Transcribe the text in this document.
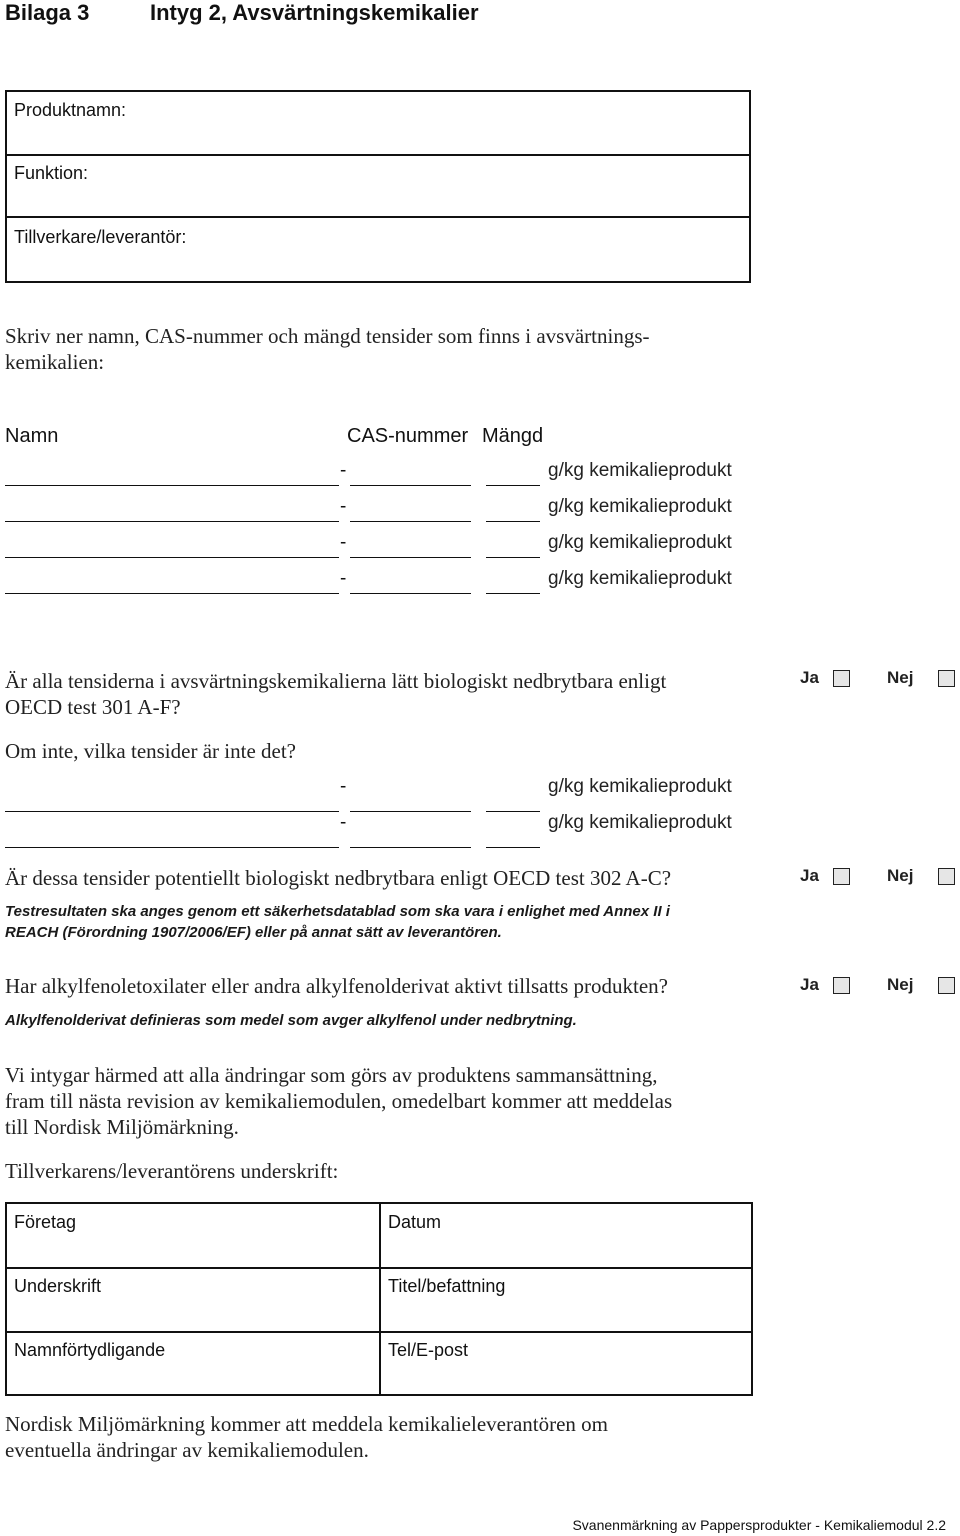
Bilaga 3	Intyg 2, Avsvärtningskemikalier
Produktnamn:
Funktion:
Tillverkare/leverantör:
Skriv ner namn, CAS-nummer och mängd tensider som finns i avsvärtnings-
kemikalien:
Namn	CAS-nummer Mängd
-	g/kg kemikalieprodukt
-	g/kg kemikalieprodukt
-	g/kg kemikalieprodukt
-	g/kg kemikalieprodukt
Är alla tensiderna i avsvärtningskemikalierna lätt biologiskt nedbrytbara enligt
OECD test 301 A-F?
Ja	Nej
Om inte, vilka tensider är inte det?
-	g/kg kemikalieprodukt
-	g/kg kemikalieprodukt
Är dessa tensider potentiellt biologiskt nedbrytbara enligt OECD test 302 A-C?	Ja	Nej
Testresultaten ska anges genom ett säkerhetsdatablad som ska vara i enlighet med Annex II i
REACH (Förordning 1907/2006/EF) eller på annat sätt av leverantören.
Har alkylfenoletoxilater eller andra alkylfenolderivat aktivt tillsatts produkten?	Ja	Nej
Alkylfenolderivat definieras som medel som avger alkylfenol under nedbrytning.
Vi intygar härmed att alla ändringar som görs av produktens sammansättning,
fram till nästa revision av kemikaliemodulen, omedelbart kommer att meddelas
till Nordisk Miljömärkning.
Tillverkarens/leverantörens underskrift:
Företag	Datum
Underskrift	Titel/befattning
Namnförtydligande	Tel/E-post
Nordisk Miljömärkning kommer att meddela kemikalieleverantören om
eventuella ändringar av kemikaliemodulen.
Svanenmärkning av Pappersprodukter - Kemikaliemodul 2.2
